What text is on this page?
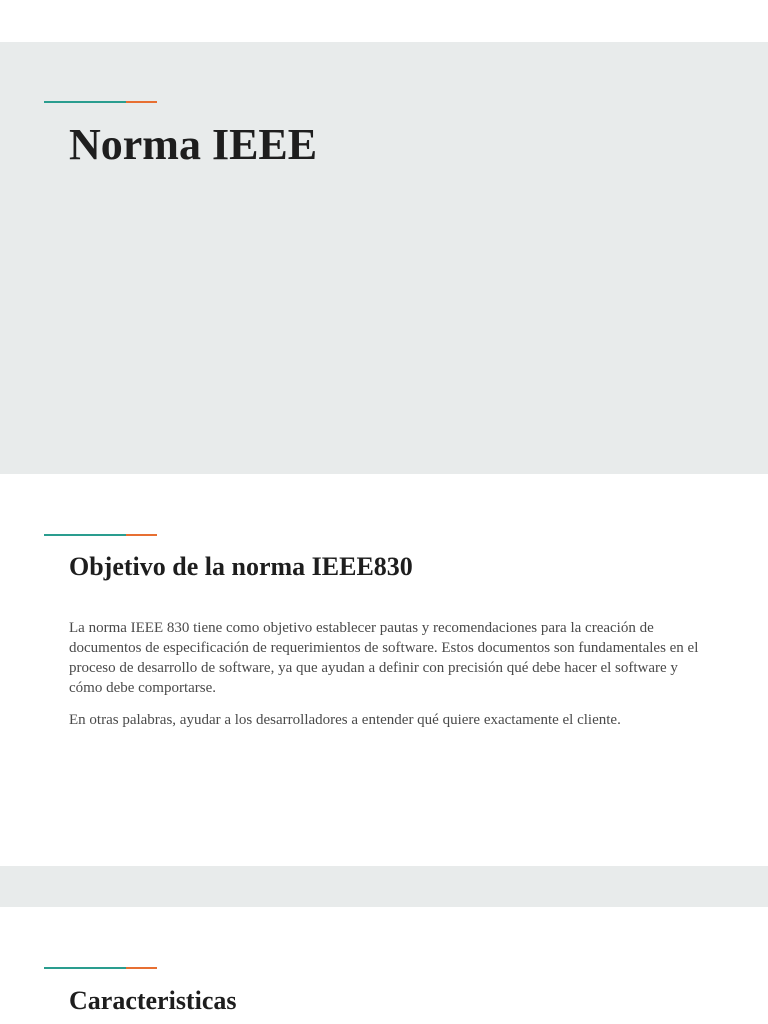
Norma IEEE
Objetivo de la norma IEEE830

La norma IEEE 830 tiene como objetivo establecer pautas y recomendaciones para la creación de documentos de especificación de requerimientos de software. Estos documentos son fundamentales en el proceso de desarrollo de software, ya que ayudan a definir con precisión qué debe hacer el software y cómo debe comportarse.

En otras palabras, ayudar a los desarrolladores a entender qué quiere exactamente el cliente.

Caracteristicas
